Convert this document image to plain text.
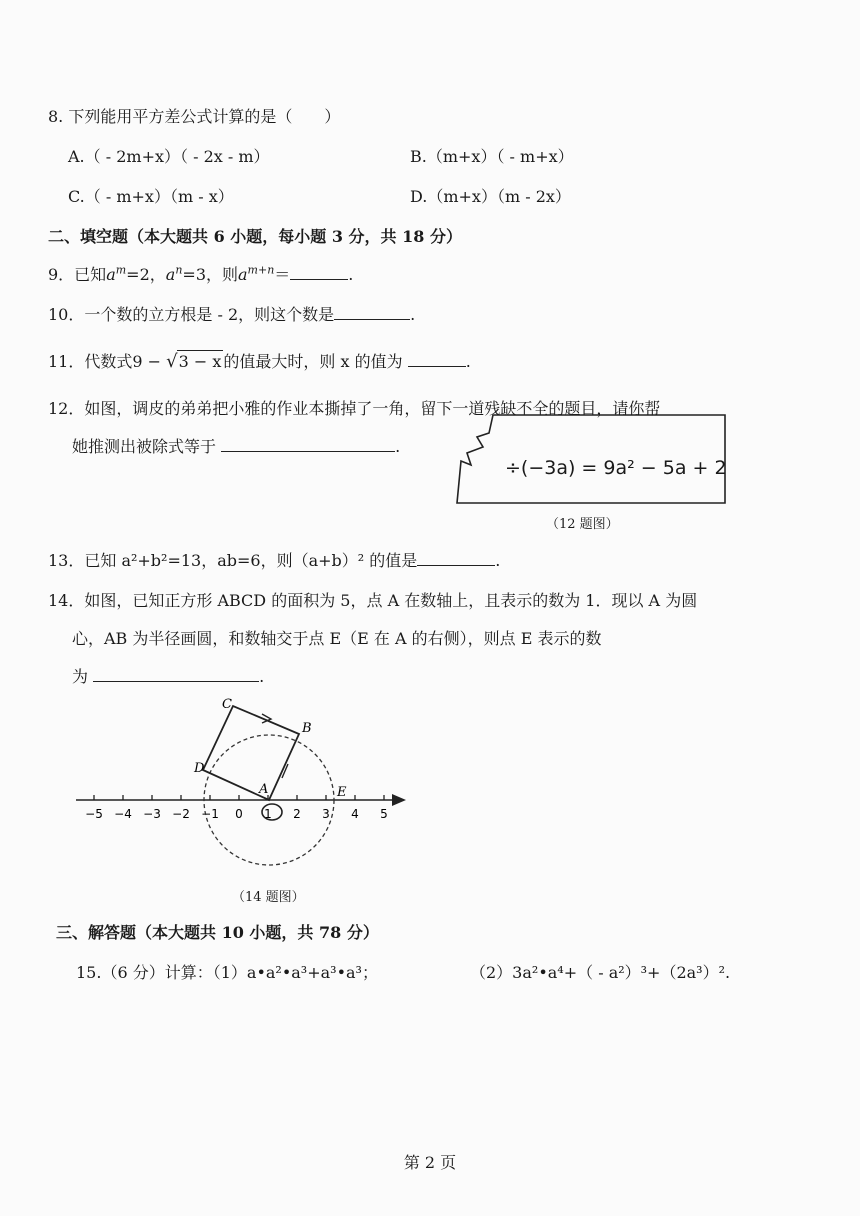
8. 下列能用平方差公式计算的是（　　）
A.（ - 2m+x）（ - 2x - m）	B.（m+x）（ - m+x）
C.（ - m+x）（m - x）	D.（m+x）（m - 2x）
二、填空题（本大题共 6 小题，每小题 3 分，共 18 分）
9．已知$a^m=2$，$a^n=3$，则$a^{m+n}=$	.
10．一个数的立方根是 - 2，则这个数是	.
11．代数式9 − √3 − x 的值最大时，则 x 的值为	.
12．如图，调皮的弟弟把小雅的作业本撕掉了一角，留下一道残缺不全的题目，请你帮
她推测出被除式等于	.
÷(−3a) = 9a² − 5a + 2
（12 题图）
13．已知 a²+b²=13，ab=6，则（a+b）² 的值是	.
14．如图，已知正方形 ABCD 的面积为 5，点 A 在数轴上，且表示的数为 1．现以 A 为圆
心，AB 为半径画圆，和数轴交于点 E（E 在 A 的右侧），则点 E 表示的数
为	.
−5 −4 −3 −2 −1 0 1 2 3 4 5
C
B
D
A	E
（14 题图）
三、解答题（本大题共 10 小题，共 78 分）
15.（6 分）计算：（1）a•a²•a³+a³•a³；	（2）3a²•a⁴+（ - a²）³+（2a³）².
第 2 页
